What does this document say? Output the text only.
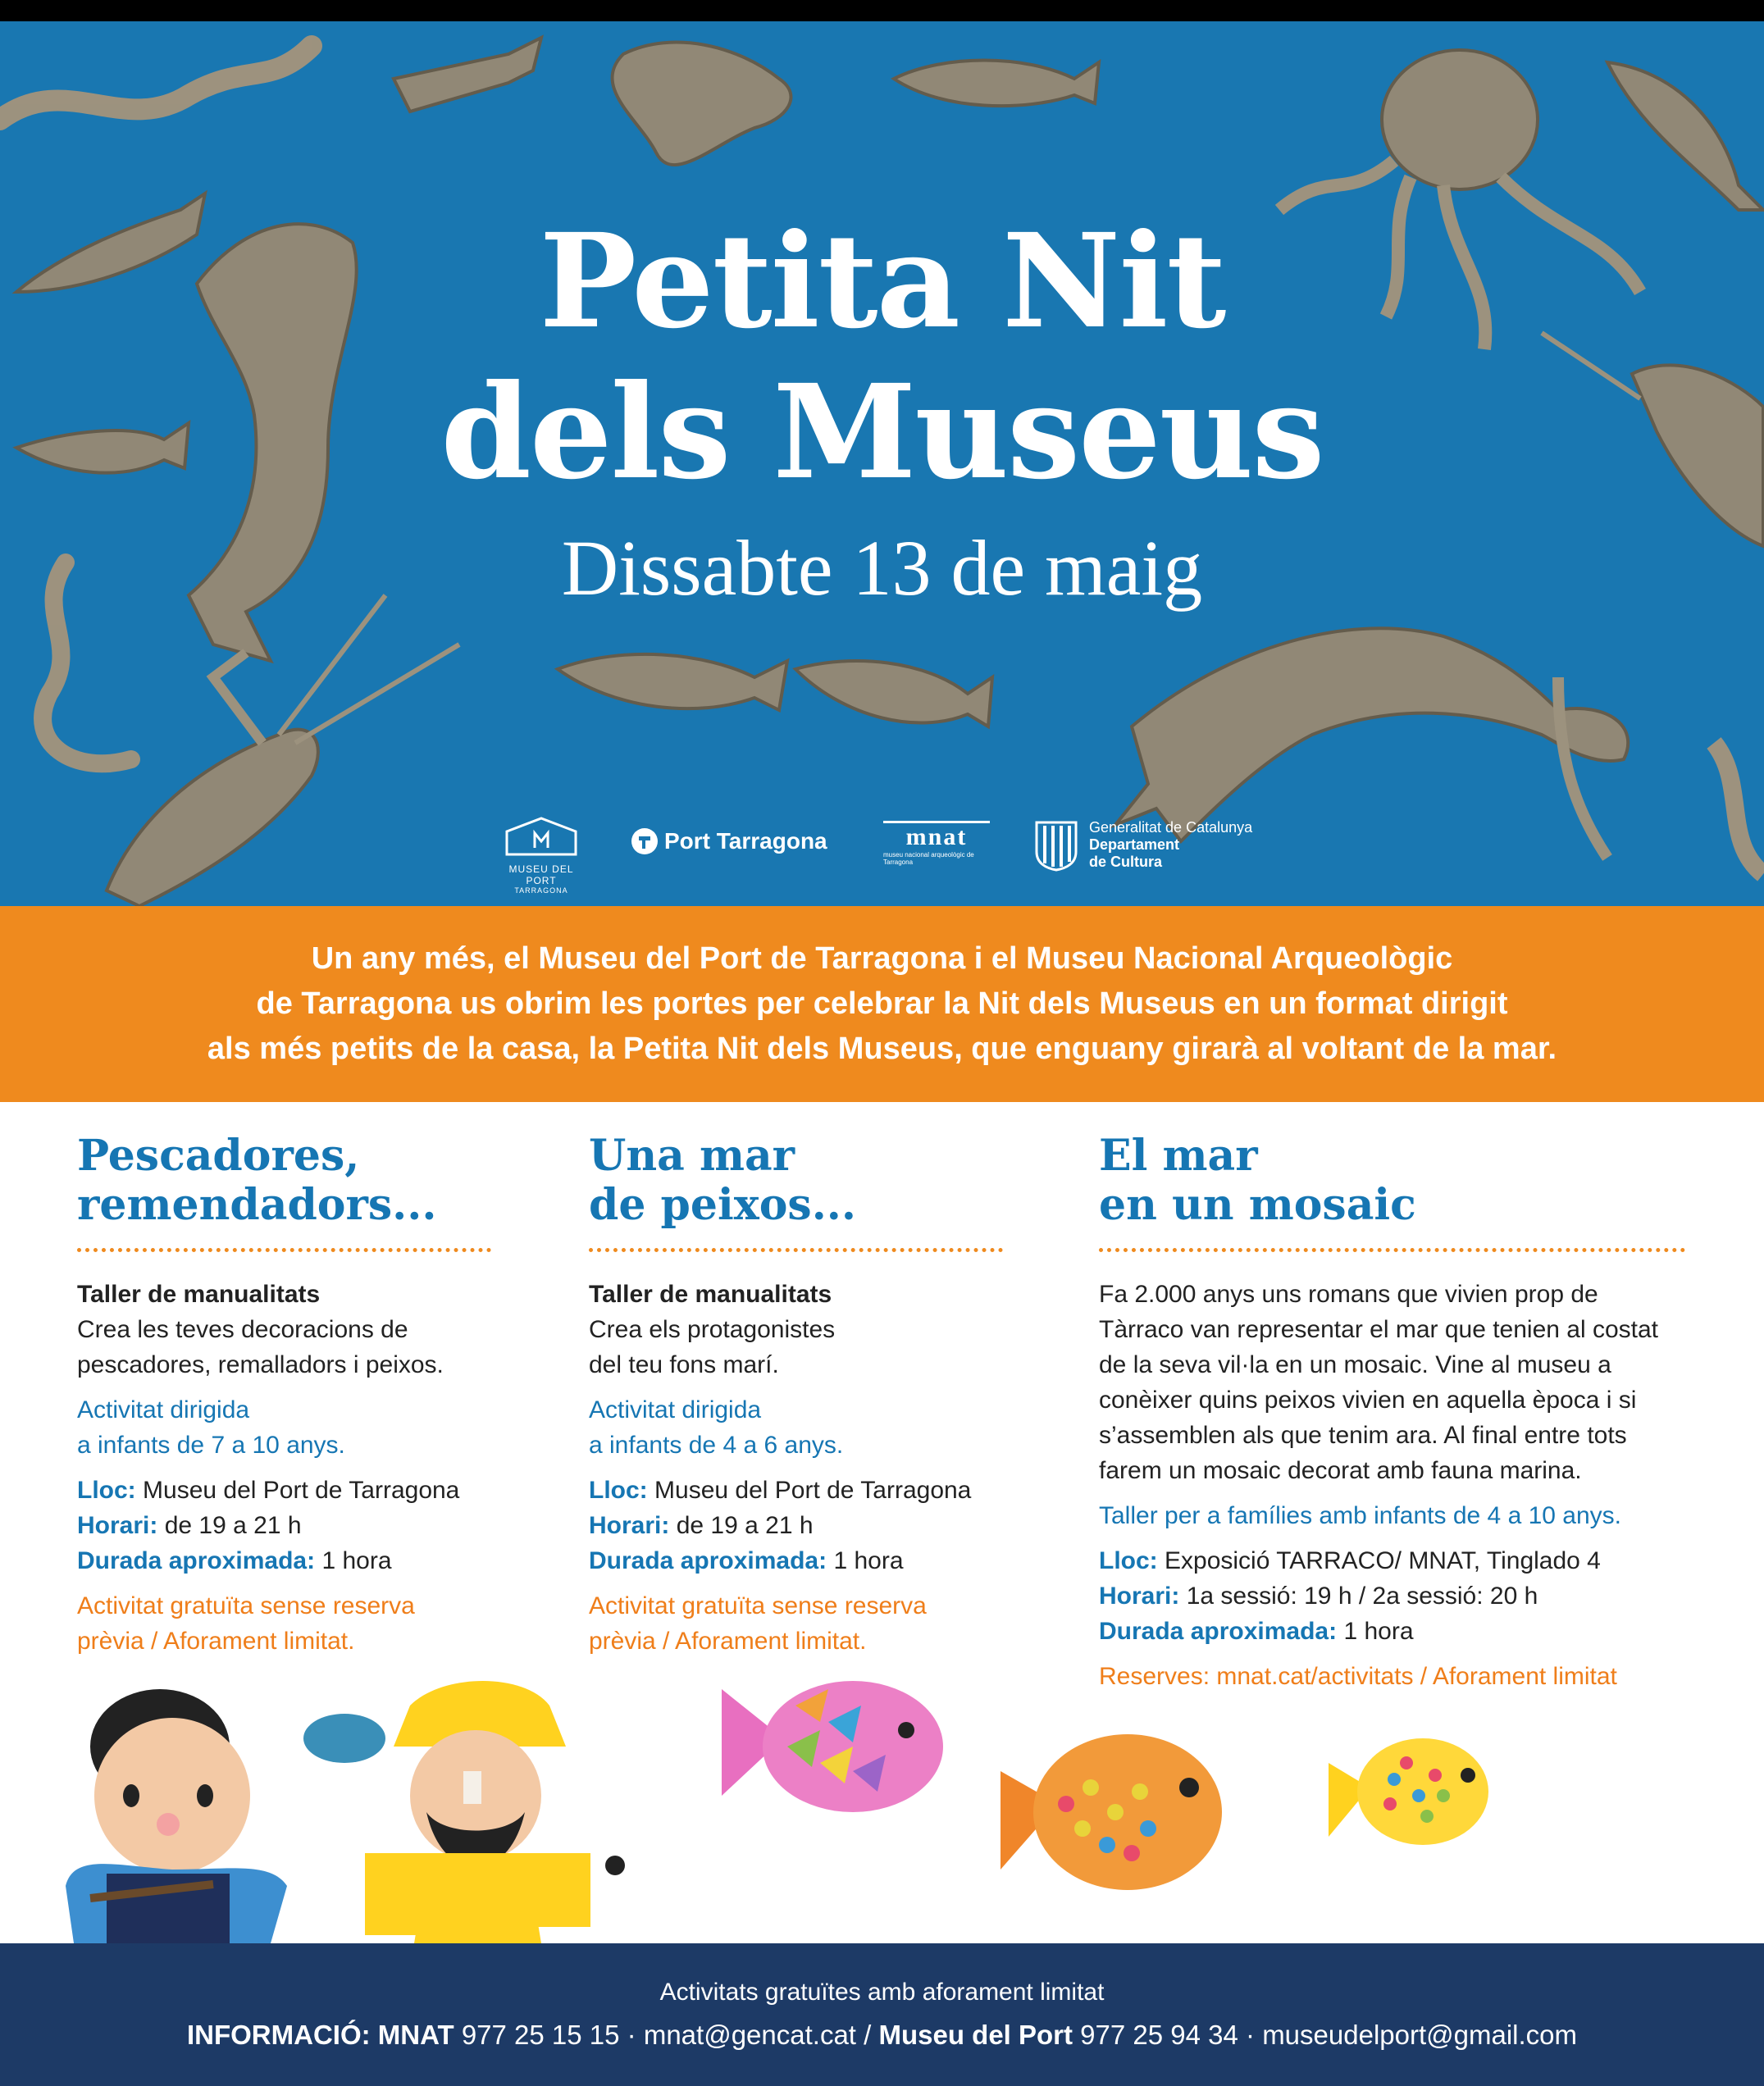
Petita Nit
dels Museus
Dissabte 13 de maig
MUSEU DEL PORT
TARRAGONA
Port Tarragona	mnat
museu nacional arqueològic de Tarragona
Generalitat de Catalunya
Departament
de Cultura

Un any més, el Museu del Port de Tarragona i el Museu Nacional Arqueològic
de Tarragona us obrim les portes per celebrar la Nit dels Museus en un format dirigit
als més petits de la casa, la Petita Nit dels Museus, que enguany girarà al voltant de la mar.

Pescadores,
remendadors...
Taller de manualitats
Crea les teves decoracions de
pescadores, remalladors i peixos.
Activitat dirigida
a infants de 7 a 10 anys.
Lloc: Museu del Port de Tarragona
Horari: de 19 a 21 h
Durada aproximada: 1 hora
Activitat gratuïta sense reserva
prèvia / Aforament limitat.
Una mar
de peixos...
Taller de manualitats
Crea els protagonistes
del teu fons marí.
Activitat dirigida
a infants de 4 a 6 anys.
Lloc: Museu del Port de Tarragona
Horari: de 19 a 21 h
Durada aproximada: 1 hora
Activitat gratuïta sense reserva
prèvia / Aforament limitat.
El mar
en un mosaic
Fa 2.000 anys uns romans que vivien prop de
Tàrraco van representar el mar que tenien al costat
de la seva vil·la en un mosaic. Vine al museu a
conèixer quins peixos vivien en aquella època i si
s’assemblen als que tenim ara. Al final entre tots
farem un mosaic decorat amb fauna marina.
Taller per a famílies amb infants de 4 a 10 anys.
Lloc: Exposició TARRACO/ MNAT, Tinglado 4
Horari: 1a sessió: 19 h / 2a sessió: 20 h
Durada aproximada: 1 hora
Reserves: mnat.cat/activitats / Aforament limitat
Activitats gratuïtes amb aforament limitat
INFORMACIÓ: MNAT 977 25 15 15 · mnat@gencat.cat / Museu del Port 977 25 94 34 · museudelport@gmail.com
